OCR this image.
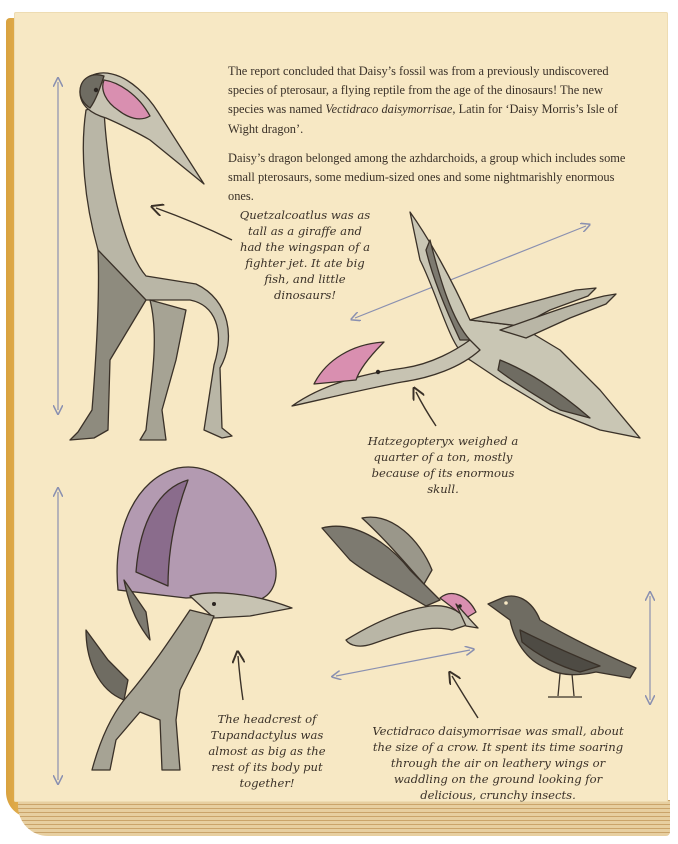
The report concluded that Daisy’s fossil was from a previously undiscovered species of pterosaur, a flying reptile from the age of the dinosaurs! The new species was named Vectidraco daisymorrisae, Latin for ‘Daisy Morris’s Isle of Wight dragon’.

Daisy’s dragon belonged among the azhdarchoids, a group which includes some small pterosaurs, some medium-sized ones and some nightmarishly enormous ones.

Quetzalcoatlus was as tall as a giraffe and had the wingspan of a fighter jet. It ate big fish, and little dinosaurs!
Hatzegopteryx weighed a quarter of a ton, mostly because of its enormous skull.
The headcrest of Tupandactylus was almost as big as the rest of its body put together!
Vectidraco daisymorrisae was small, about the size of a crow. It spent its time soaring through the air on leathery wings or waddling on the ground looking for delicious, crunchy insects.
